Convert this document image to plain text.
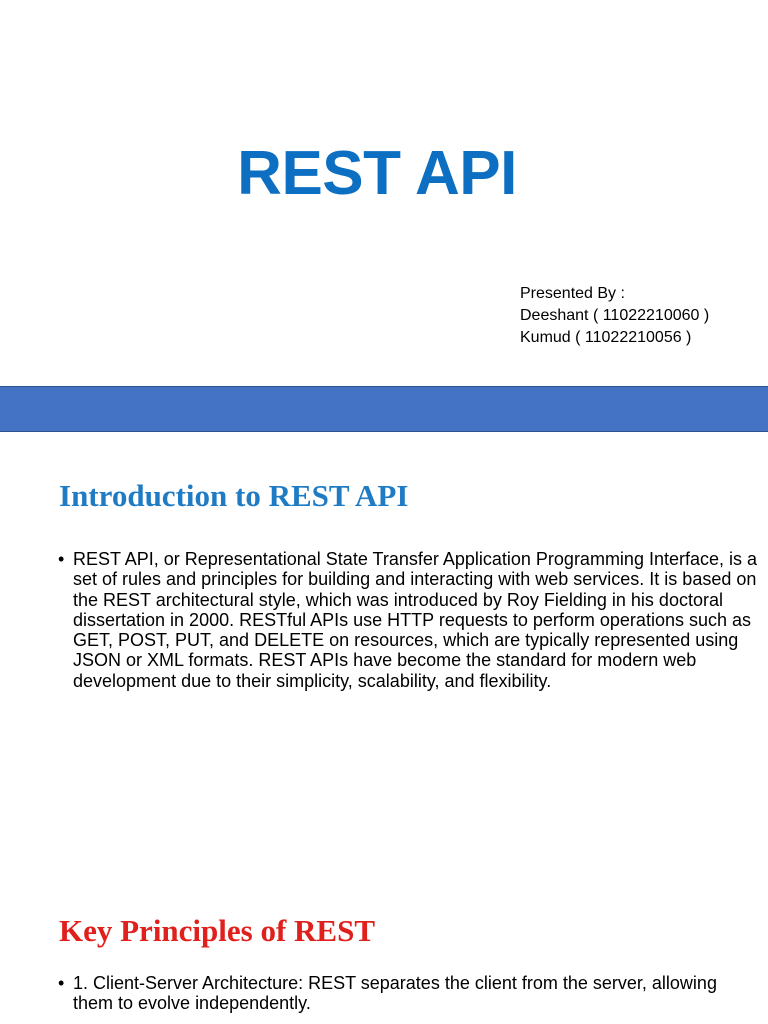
REST API
Presented By :
Deeshant ( 11022210060 )
Kumud ( 11022210056 )
Introduction to REST API
• REST API, or Representational State Transfer Application Programming Interface, is a set of rules and principles for building and interacting with web services. It is based on the REST architectural style, which was introduced by Roy Fielding in his doctoral dissertation in 2000. RESTful APIs use HTTP requests to perform operations such as GET, POST, PUT, and DELETE on resources, which are typically represented using JSON or XML formats. REST APIs have become the standard for modern web development due to their simplicity, scalability, and flexibility.
Key Principles of REST
• 1. Client-Server Architecture: REST separates the client from the server, allowing them to evolve independently.
